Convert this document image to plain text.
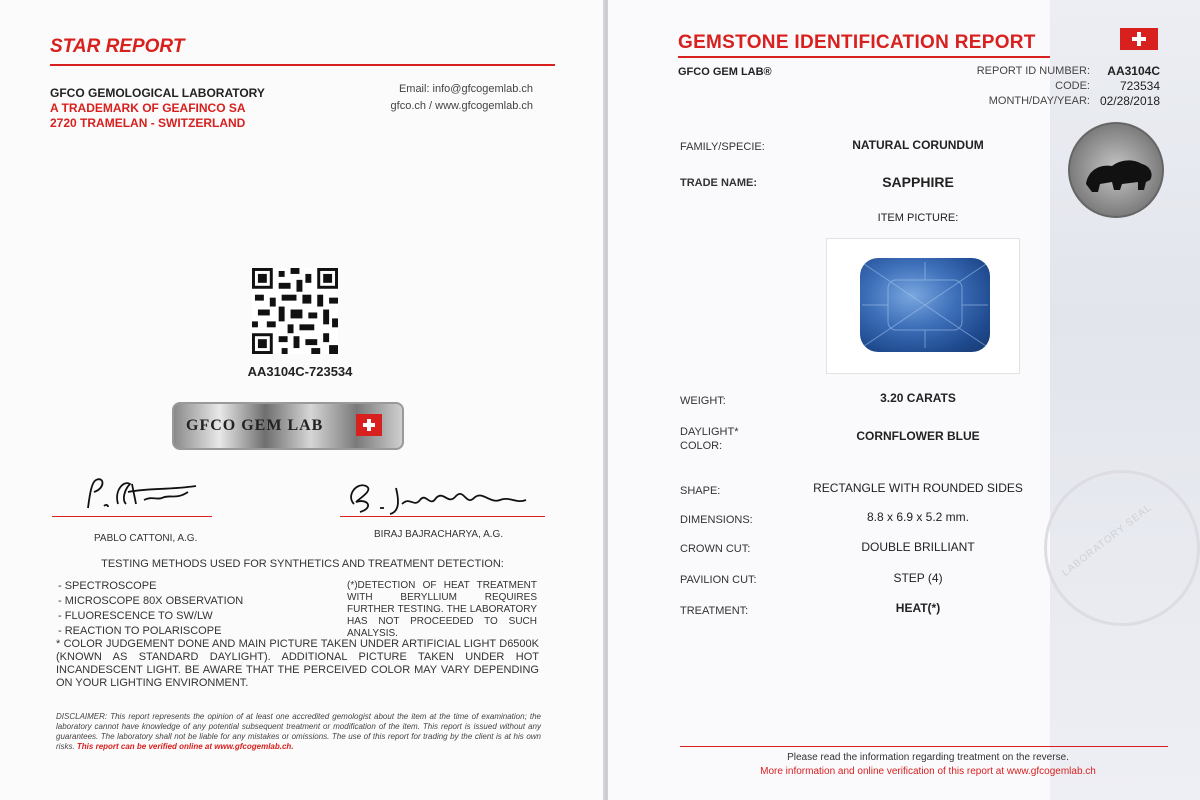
STAR REPORT
GFCO GEMOLOGICAL LABORATORY
A TRADEMARK OF GEAFINCO SA
2720 TRAMELAN - SWITZERLAND
Email: info@gfcogemlab.ch
gfco.ch / www.gfcogemlab.ch
AA3104C-723534
GFCO GEM LAB
PABLO CATTONI, A.G.	BIRAJ BAJRACHARYA, A.G.
TESTING METHODS USED FOR SYNTHETICS AND TREATMENT DETECTION:
- SPECTROSCOPE
- MICROSCOPE 80X OBSERVATION
- FLUORESCENCE TO SW/LW
- REACTION TO POLARISCOPE
(*)DETECTION OF HEAT TREATMENT WITH BERYLLIUM REQUIRES FURTHER TESTING. THE LABORATORY HAS NOT PROCEEDED TO SUCH ANALYSIS.
* COLOR JUDGEMENT DONE AND MAIN PICTURE TAKEN UNDER ARTIFICIAL LIGHT D6500K (KNOWN AS STANDARD DAYLIGHT). ADDITIONAL PICTURE TAKEN UNDER HOT INCANDESCENT LIGHT. BE AWARE THAT THE PERCEIVED COLOR MAY VARY DEPENDING ON YOUR LIGHTING ENVIRONMENT.
DISCLAIMER: This report represents the opinion of at least one accredited gemologist about the item at the time of examination; the laboratory cannot have knowledge of any potential subsequent treatment or modification of the item. This report is issued without any guarantees. The laboratory shall not be liable for any mistakes or omissions. The use of this report for trading by the client is at his own risks. This report can be verified online at www.gfcogemlab.ch.
GEMSTONE IDENTIFICATION REPORT
GFCO GEM LAB®	REPORT ID NUMBER: AA3104C
CODE: 723534
MONTH/DAY/YEAR: 02/28/2018
FAMILY/SPECIE:	NATURAL CORUNDUM
TRADE NAME:	SAPPHIRE
ITEM PICTURE:
WEIGHT:	3.20 CARATS
DAYLIGHT*
COLOR:
CORNFLOWER BLUE
SHAPE:	RECTANGLE WITH ROUNDED SIDES
DIMENSIONS:	8.8 x 6.9 x 5.2 mm.
CROWN CUT:	DOUBLE BRILLIANT
PAVILION CUT:	STEP (4)
TREATMENT:	HEAT(*)
LABORATORY SEAL
Please read the information regarding treatment on the reverse.
More information and online verification of this report at www.gfcogemlab.ch
